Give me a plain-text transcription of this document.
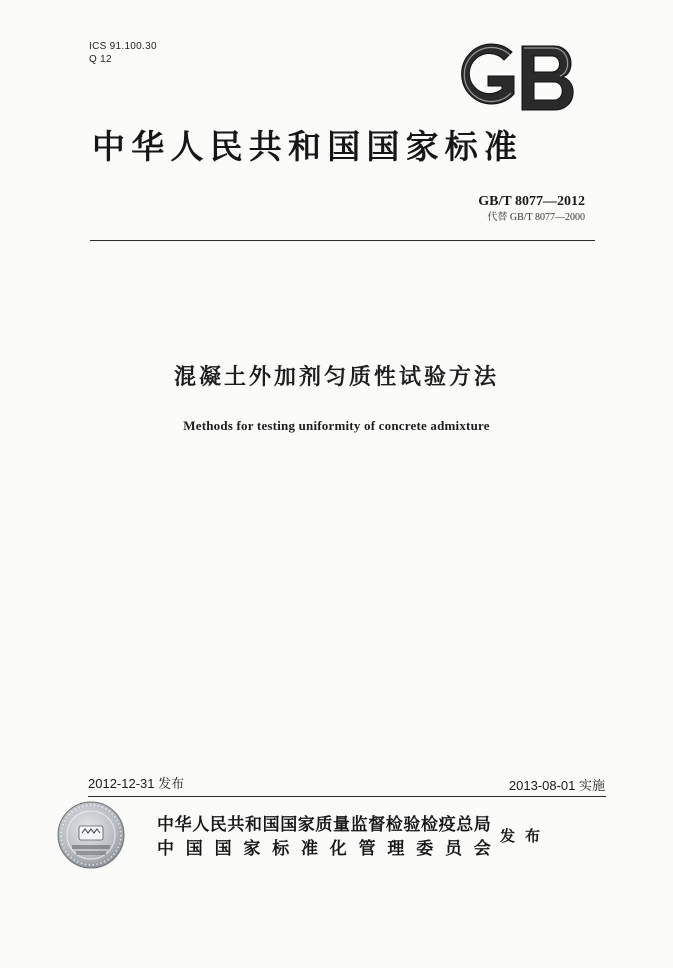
ICS 91.100.30
Q 12
中华人民共和国国家标准
GB/T 8077—2012
代替 GB/T 8077—2000
混凝土外加剂匀质性试验方法
Methods for testing uniformity of concrete admixture
2012-12-31 发布	2013-08-01 实施
中华人民共和国国家质量监督检验检疫总局
中国国家标准化管理委员会
发布
